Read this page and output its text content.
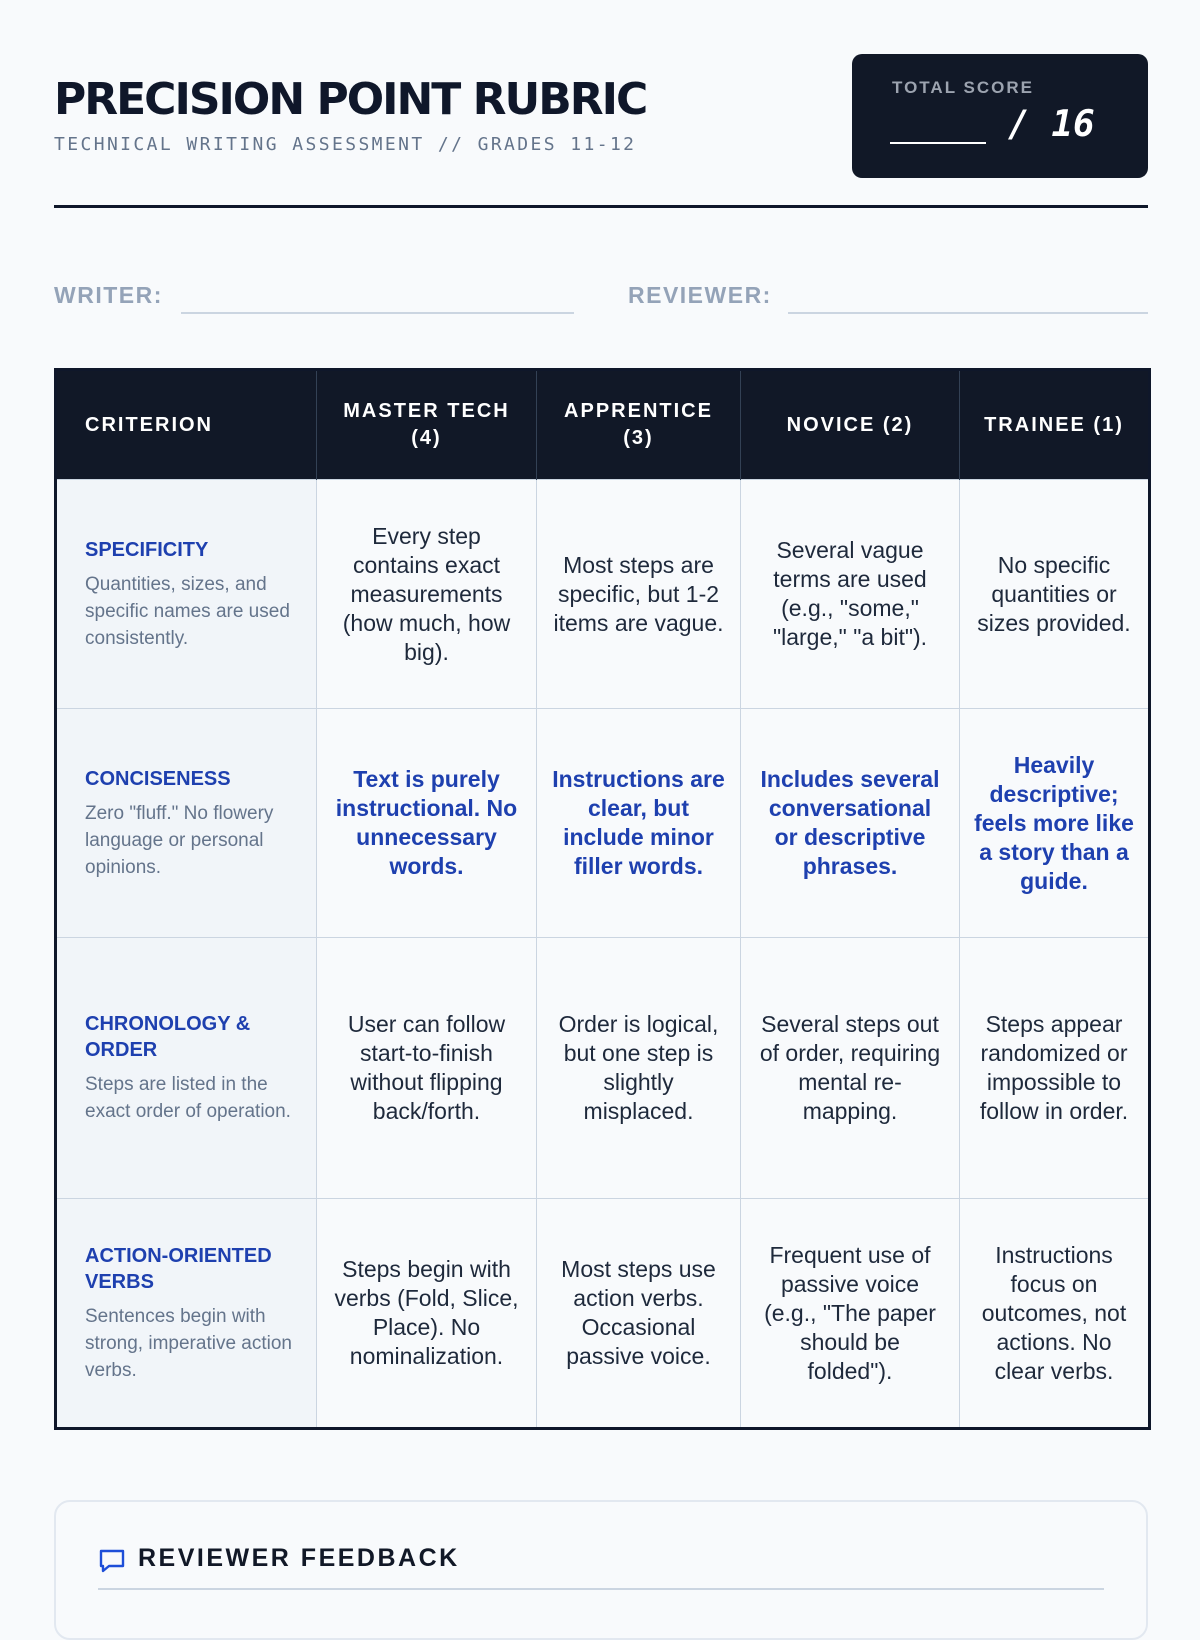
PRECISION POINT RUBRIC
TECHNICAL WRITING ASSESSMENT // GRADES 11-12
TOTAL SCORE
/ 16
WRITER:	REVIEWER:
CRITERION	MASTER TECH (4)	APPRENTICE (3)	NOVICE (2)	TRAINEE (1)

SPECIFICITY
Quantities, sizes, and specific names are used consistently.	Every step contains exact measurements (how much, how big).	Most steps are specific, but 1-2 items are vague.	Several vague terms are used (e.g., "some," "large," "a bit").	No specific quantities or sizes provided.

CONCISENESS
Zero "fluff." No flowery language or personal opinions.	Text is purely instructional. No unnecessary words.	Instructions are clear, but include minor filler words.	Includes several conversational or descriptive phrases.	Heavily descriptive; feels more like a story than a guide.

CHRONOLOGY & ORDER
Steps are listed in the exact order of operation.	User can follow start-to-finish without flipping back/forth.	Order is logical, but one step is slightly misplaced.	Several steps out of order, requiring mental re-mapping.	Steps appear randomized or impossible to follow in order.

ACTION-ORIENTED VERBS
Sentences begin with strong, imperative action verbs.	Steps begin with verbs (Fold, Slice, Place). No nominalization.	Most steps use action verbs. Occasional passive voice.	Frequent use of passive voice (e.g., "The paper should be folded").	Instructions focus on outcomes, not actions. No clear verbs.
REVIEWER FEEDBACK
